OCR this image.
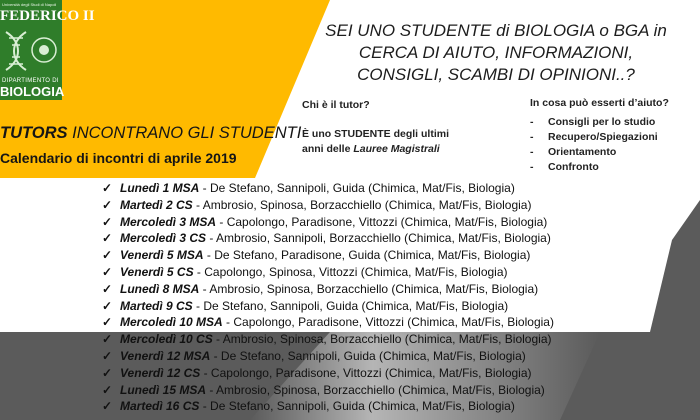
Università degli Studi di Napoli
FEDERICO II
DIPARTIMENTO DI
BIOLOGIA
SEI UNO STUDENTE di BIOLOGIA o BGA in
CERCA DI AIUTO, INFORMAZIONI,
CONSIGLI, SCAMBI DI OPINIONI..?
Chi è il tutor?
È uno STUDENTE degli ultimi
anni delle Lauree Magistrali
In cosa può esserti d’aiuto?
- Consigli per lo studio
- Recupero/Spiegazioni
- Orientamento
- Confronto
TUTORS INCONTRANO GLI STUDENTI
Calendario di incontri di aprile 2019
✓ Lunedì 1 MSA - De Stefano, Sannipoli, Guida (Chimica, Mat/Fis, Biologia)
✓ Martedì 2 CS - Ambrosio, Spinosa, Borzacchiello (Chimica, Mat/Fis, Biologia)
✓ Mercoledì 3 MSA - Capolongo, Paradisone, Vittozzi (Chimica, Mat/Fis, Biologia)
✓ Mercoledì 3 CS - Ambrosio, Sannipoli, Borzacchiello (Chimica, Mat/Fis, Biologia)
✓ Venerdì 5 MSA - De Stefano, Paradisone, Guida (Chimica, Mat/Fis, Biologia)
✓ Venerdì 5 CS - Capolongo, Spinosa, Vittozzi (Chimica, Mat/Fis, Biologia)
✓ Lunedì 8 MSA - Ambrosio, Spinosa, Borzacchiello (Chimica, Mat/Fis, Biologia)
✓ Martedì 9 CS - De Stefano, Sannipoli, Guida (Chimica, Mat/Fis, Biologia)
✓ Mercoledì 10 MSA - Capolongo, Paradisone, Vittozzi (Chimica, Mat/Fis, Biologia)
✓ Mercoledì 10 CS - Ambrosio, Spinosa, Borzacchiello (Chimica, Mat/Fis, Biologia)
✓ Venerdì 12 MSA - De Stefano, Sannipoli, Guida (Chimica, Mat/Fis, Biologia)
✓ Venerdì 12 CS - Capolongo, Paradisone, Vittozzi (Chimica, Mat/Fis, Biologia)
✓ Lunedì 15 MSA - Ambrosio, Spinosa, Borzacchiello (Chimica, Mat/Fis, Biologia)
✓ Martedì 16 CS - De Stefano, Sannipoli, Guida (Chimica, Mat/Fis, Biologia)
